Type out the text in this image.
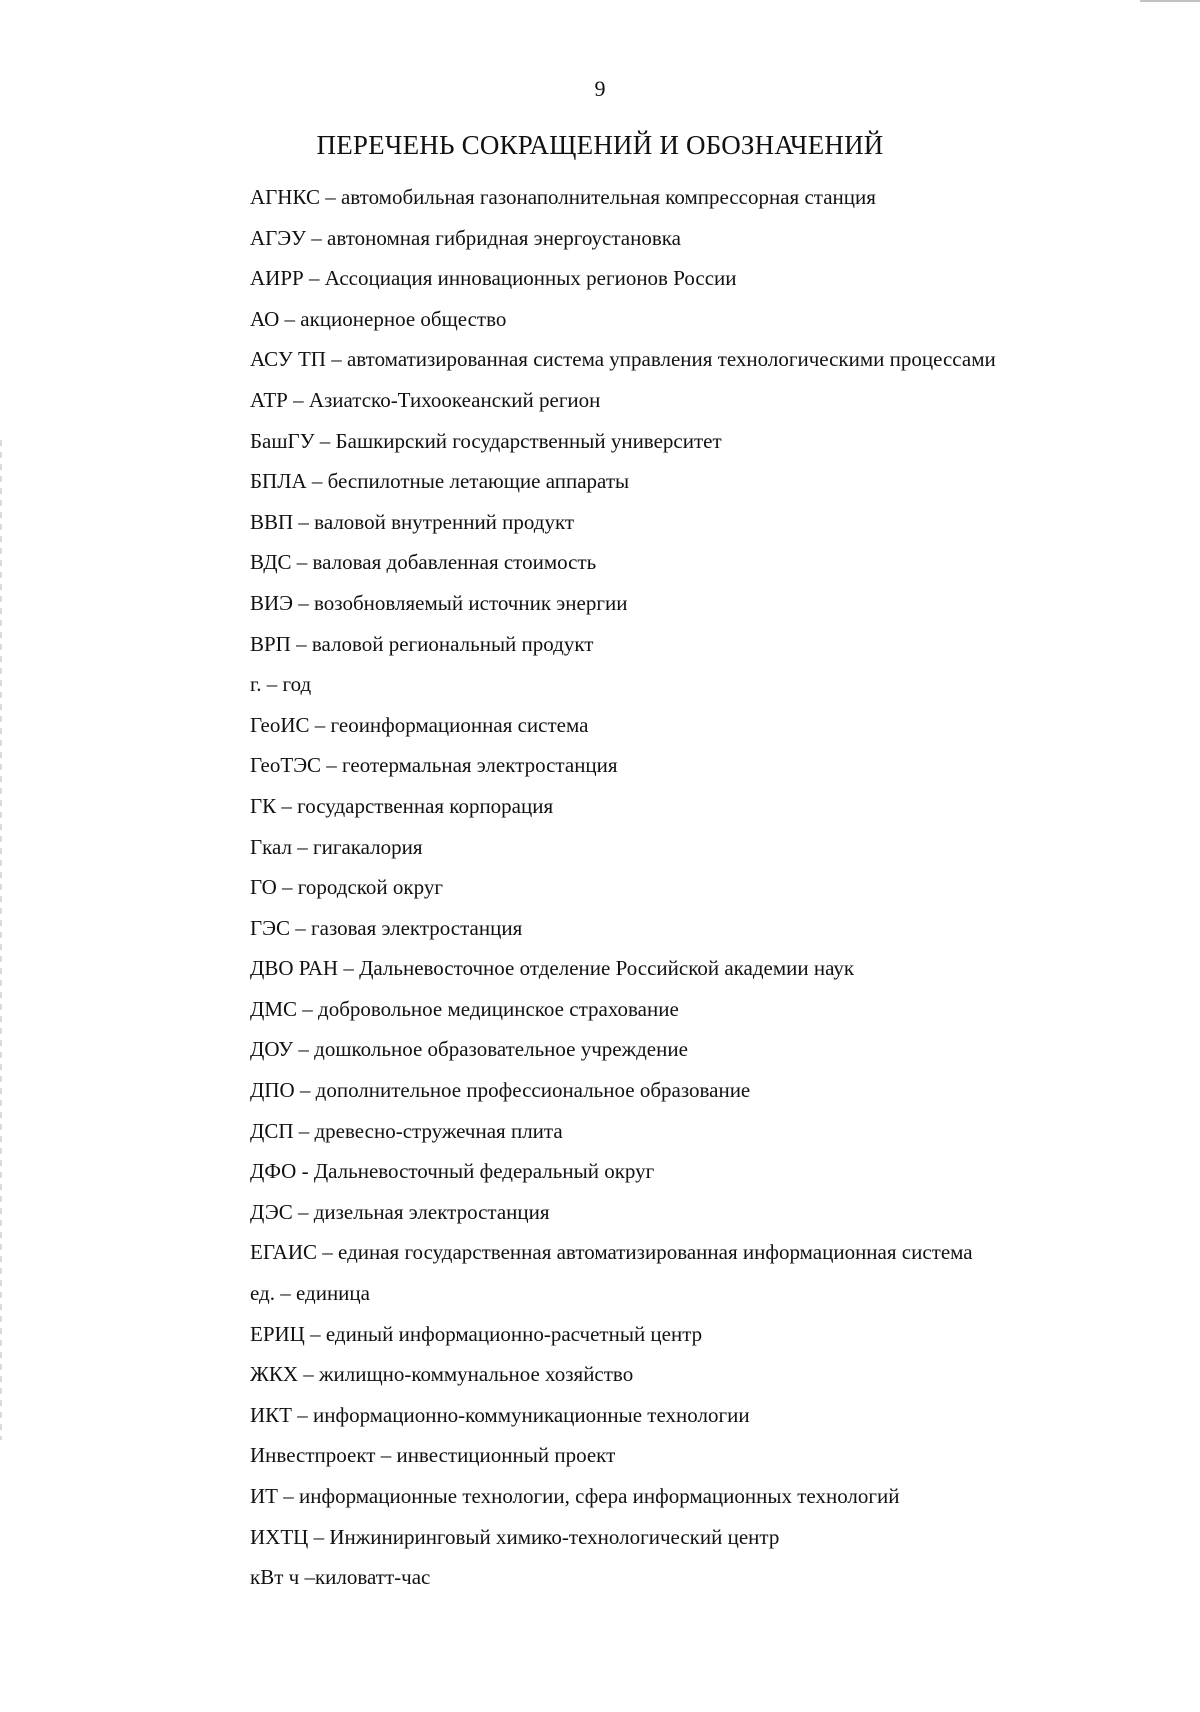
9
ПЕРЕЧЕНЬ СОКРАЩЕНИЙ И ОБОЗНАЧЕНИЙ
АГНКС – автомобильная газонаполнительная компрессорная станция
АГЭУ – автономная гибридная энергоустановка
АИРР – Ассоциация инновационных регионов России
АО – акционерное общество
АСУ ТП – автоматизированная система управления технологическими процессами
АТР – Азиатско-Тихоокеанский регион
БашГУ – Башкирский государственный университет
БПЛА – беспилотные летающие аппараты
ВВП – валовой внутренний продукт
ВДС – валовая добавленная стоимость
ВИЭ – возобновляемый источник энергии
ВРП – валовой региональный продукт
г. – год
ГеоИС – геоинформационная система
ГеоТЭС – геотермальная электростанция
ГК – государственная корпорация
Гкал – гигакалория
ГО – городской округ
ГЭС – газовая электростанция
ДВО РАН – Дальневосточное отделение Российской академии наук
ДМС – добровольное медицинское страхование
ДОУ – дошкольное образовательное учреждение
ДПО – дополнительное профессиональное образование
ДСП – древесно-стружечная плита
ДФО - Дальневосточный федеральный округ
ДЭС – дизельная электростанция
ЕГАИС – единая государственная автоматизированная информационная система
ед. – единица
ЕРИЦ – единый информационно-расчетный центр
ЖКХ – жилищно-коммунальное хозяйство
ИКТ – информационно-коммуникационные технологии
Инвестпроект – инвестиционный проект
ИТ – информационные технологии, сфера информационных технологий
ИХТЦ – Инжиниринговый химико-технологический центр
кВт ч –киловатт-час
